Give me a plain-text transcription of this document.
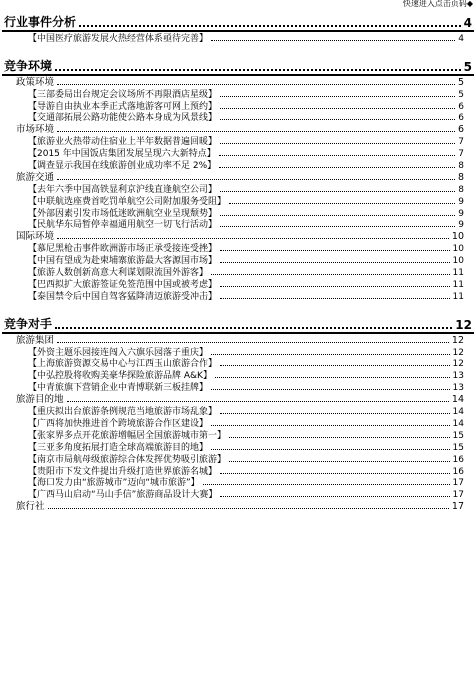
快速进入点击页码◆
行业事件分析	4
【中国医疗旅游发展火热经营体系亟待完善】	4
竞争环境	5
政策环境	5
【三部委局出台规定会议场所不再限酒店星级】	5
【导游自由执业本季正式落地游客可网上预约】	6
【交通部拓展公路功能使公路本身成为风景线】	6
市场环境	6
【旅游业火热带动住宿业上半年数据普遍回暖】	7
【2015 年中国饭店集团发展呈现六大新特点】	7
【调查显示我国在线旅游创业成功率不足 2%】	8
旅游交通	8
【去年六季中国高铁显利京沪线直逢航空公司】	8
【中联航选座费首吃罚单航空公司附加服务受阻】	9
【外部因素引发市场低迷欧洲航空业呈现颓势】	9
【民航华东局暂停幸福通用航空一切飞行活动】	9
国际环境	10
【慕尼黑枪击事件欧洲游市场正承受接连受挫】	10
【中国有望成为赴柬埔寨旅游最大客源国市场】	10
【旅游人数创新高意大利谋划限流国外游客】	11
【巴西拟扩大旅游签证免签范围中国或被考虑】	11
【泰国禁令后中国自驾客猛降清迈旅游受冲击】	11
竞争对手	12
旅游集团	12
【外资主题乐园接连闯入六旗乐园落子重庆】	12
【上海旅游资源交易中心与江西玉山旅游合作】	12
【中弘控股将收购美豪华探险旅游品牌 A&K】	13
【中青旅旗下营销企业中青博联新三板挂牌】	13
旅游目的地	14
【重庆拟出台旅游条例规范当地旅游市场乱象】	14
【广西将加快推进首个跨境旅游合作区建设】	14
【张家界多点开花旅游增幅居全国旅游城市第一】	15
【三亚多角度拓展打造全球高端旅游目的地】	15
【南京市局航母级旅游综合体发挥优势吸引旅游】	16
【贵阳市下发文件提出升级打造世界旅游名城】	16
【海口发力由“旅游城市”迈向“城市旅游”】	17
【广西马山启动“马山手信”旅游商品设计大赛】	17
旅行社	17
